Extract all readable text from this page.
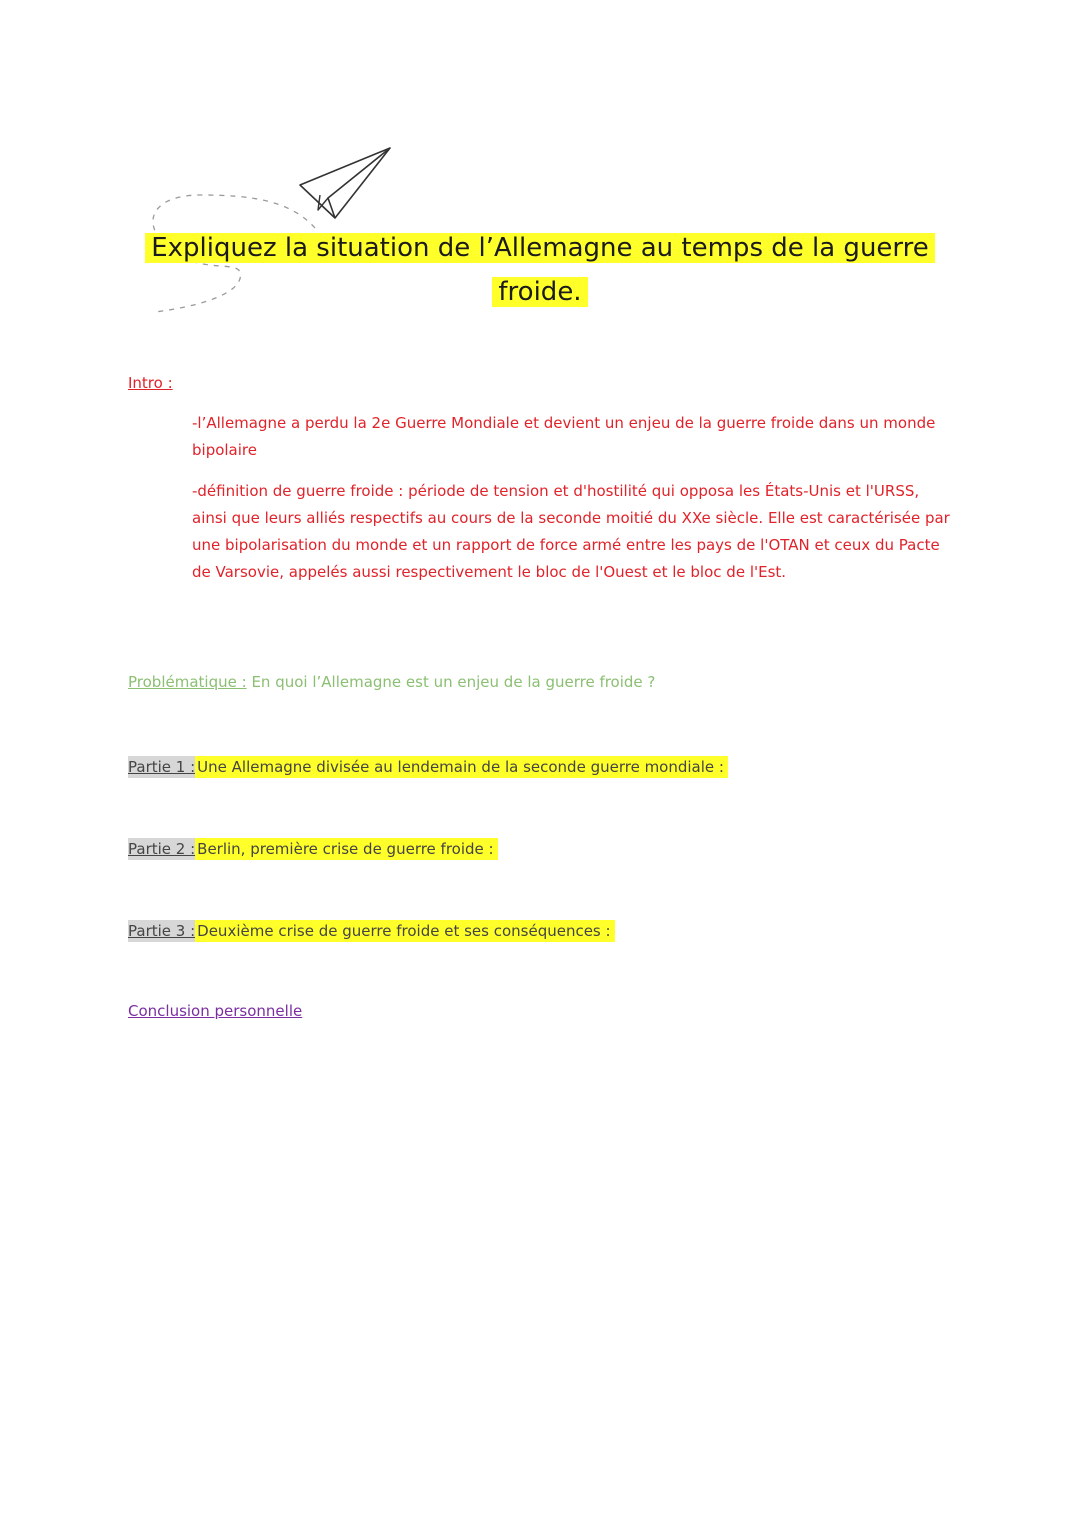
Expliquez la situation de l’Allemagne au temps de la guerre
froide.
Intro :
-l’Allemagne a perdu la 2e Guerre Mondiale et devient un enjeu de la guerre froide dans un monde bipolaire
-définition de guerre froide : période de tension et d'hostilité qui opposa les États-Unis et l'URSS, ainsi que leurs alliés respectifs au cours de la seconde moitié du XXe siècle. Elle est caractérisée par une bipolarisation du monde et un rapport de force armé entre les pays de l'OTAN et ceux du Pacte de Varsovie, appelés aussi respectivement le bloc de l'Ouest et le bloc de l'Est.
Problématique : En quoi l’Allemagne est un enjeu de la guerre froide ?
Partie 1 : Une Allemagne divisée au lendemain de la seconde guerre mondiale :
Partie 2 : Berlin, première crise de guerre froide :
Partie 3 : Deuxième crise de guerre froide et ses conséquences :
Conclusion personnelle
